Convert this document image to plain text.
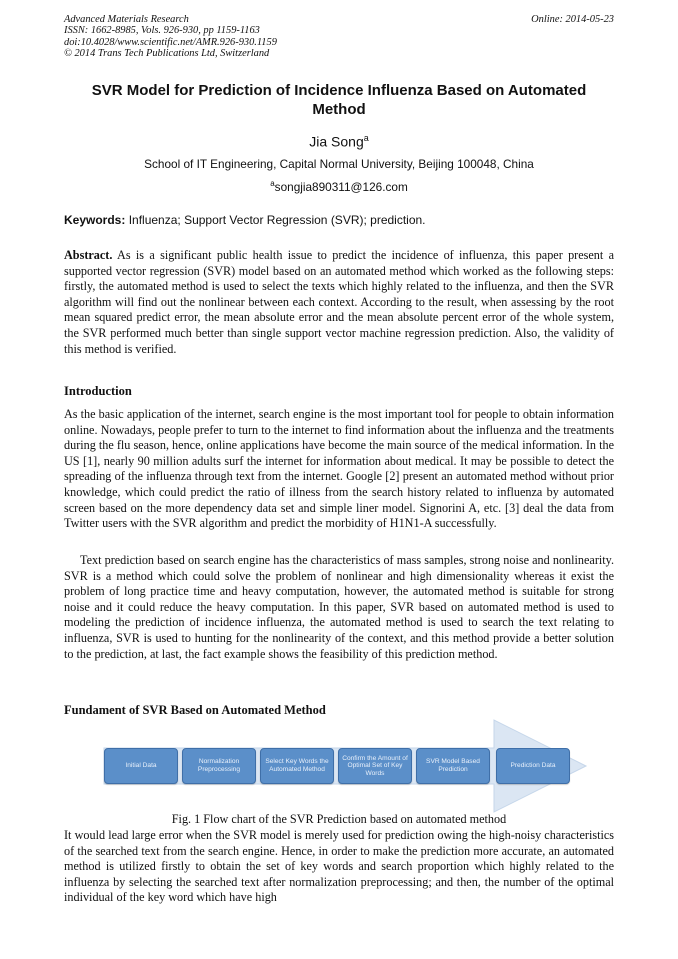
Advanced Materials Research
ISSN: 1662-8985, Vols. 926-930, pp 1159-1163
doi:10.4028/www.scientific.net/AMR.926-930.1159
© 2014 Trans Tech Publications Ltd, Switzerland
Online: 2014-05-23
SVR Model for Prediction of Incidence Influenza Based on Automated Method
Jia Song$^a$
School of IT Engineering, Capital Normal University, Beijing 100048, China
$^a$songjia890311@126.com
Keywords: Influenza; Support Vector Regression (SVR); prediction.
Abstract. As is a significant public health issue to predict the incidence of influenza, this paper present a supported vector regression (SVR) model based on an automated method which worked as the following steps: firstly, the automated method is used to select the texts which highly related to the influenza, and then the SVR algorithm will find out the nonlinear between each context. According to the result, when assessing by the root mean squared predict error, the mean absolute error and the mean absolute percent error of the whole system, the SVR performed much better than single support vector machine regression prediction. Also, the validity of this method is verified.
Introduction
As the basic application of the internet, search engine is the most important tool for people to obtain information online. Nowadays, people prefer to turn to the internet to find information about the influenza and the treatments during the flu season, hence, online applications have become the main source of the medical information. In the US [1], nearly 90 million adults surf the internet for information about medical. It may be possible to detect the spreading of the influenza through text from the internet. Google [2] present an automated method without prior knowledge, which could predict the ratio of illness from the search history related to influenza by automated screen based on the more dependency data set and simple liner model. Signorini A, etc. [3] deal the data from Twitter users with the SVR algorithm and predict the morbidity of H1N1-A successfully.
Text prediction based on search engine has the characteristics of mass samples, strong noise and nonlinearity. SVR is a method which could solve the problem of nonlinear and high dimensionality whereas it exist the problem of long practice time and heavy computation, however, the automated method is suitable for strong noise and it could reduce the heavy computation. In this paper, SVR based on automated method is used to modeling the prediction of incidence influenza, the automated method is used to search the text relating to influenza, SVR is used to hunting for the nonlinearity of the context, and this method provide a better solution to the prediction, at last, the fact example shows the feasibility of this prediction method.
Fundament of SVR Based on Automated Method
Initial Data
Normalization Preprocessing
Select Key Words the Automated Method
Confirm the Amount of Optimal Set of Key Words
SVR Model Based Prediction
Prediction Data
Fig. 1 Flow chart of the SVR Prediction based on automated method
It would lead large error when the SVR model is merely used for prediction owing the high-noisy characteristics of the searched text from the search engine. Hence, in order to make the prediction more accurate, an automated method is utilized firstly to obtain the set of key words and search proportion which highly related to the influenza by selecting the searched text after normalization preprocessing; and then, the number of the optimal individual of the key word which have high
